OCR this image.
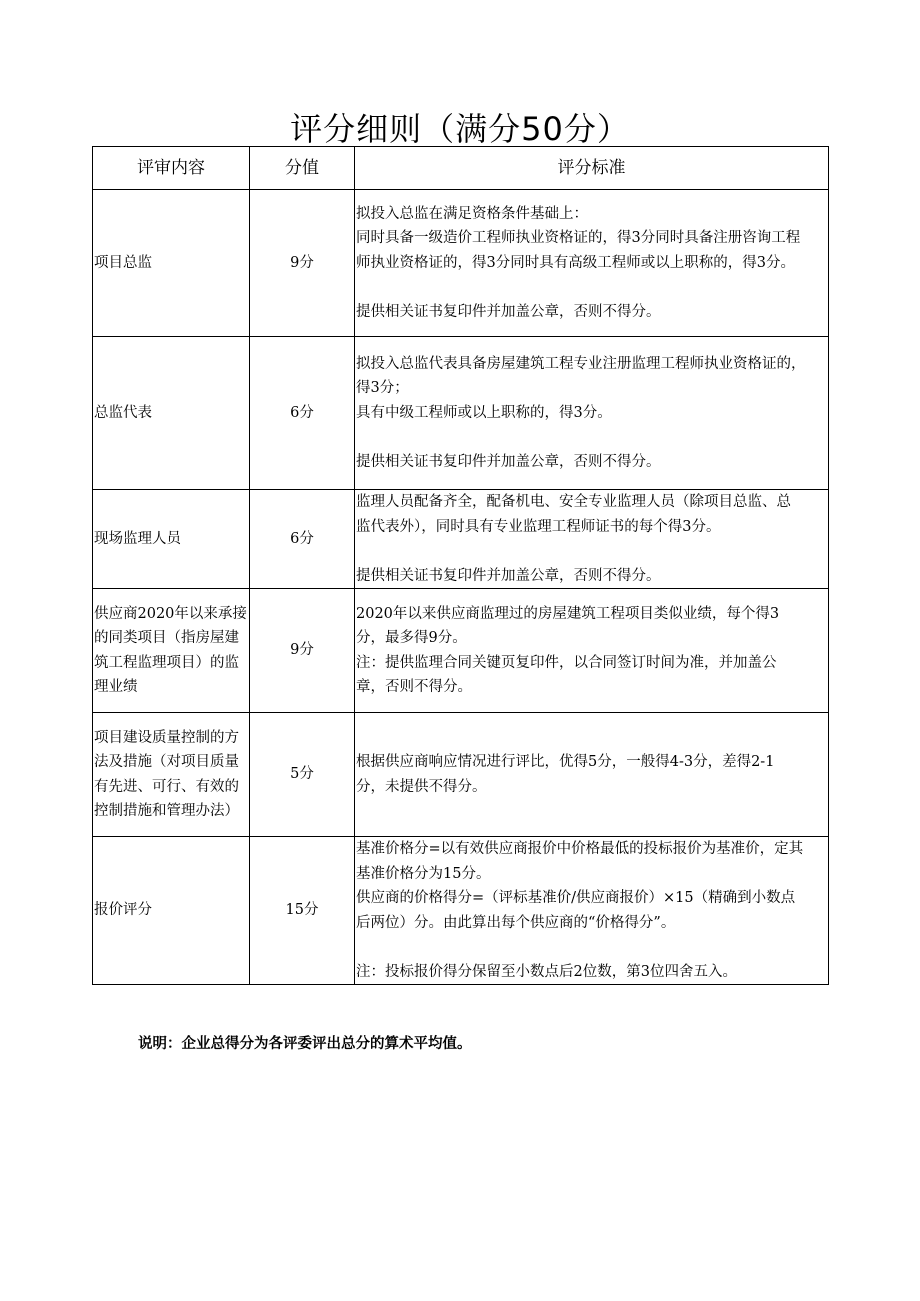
评分细则（满分50分）
评审内容	分值	评分标准
项目总监	9分	拟投入总监在满足资格条件基础上：
同时具备一级造价工程师执业资格证的，得3分同时具备注册咨询工程
师执业资格证的，得3分同时具有高级工程师或以上职称的，得3分。
提供相关证书复印件并加盖公章，否则不得分。

总监代表	6分	拟投入总监代表具备房屋建筑工程专业注册监理工程师执业资格证的，
得3分；
具有中级工程师或以上职称的，得3分。
提供相关证书复印件并加盖公章，否则不得分。

现场监理人员	6分	监理人员配备齐全，配备机电、安全专业监理人员（除项目总监、总
监代表外），同时具有专业监理工程师证书的每个得3分。
提供相关证书复印件并加盖公章，否则不得分。

供应商2020年以来承接的同类项目（指房屋建筑工程监理项目）的监理业绩	9分	2020年以来供应商监理过的房屋建筑工程项目类似业绩，每个得3
分，最多得9分。
注：提供监理合同关键页复印件，以合同签订时间为准，并加盖公
章，否则不得分。

项目建设质量控制的方法及措施（对项目质量有先进、可行、有效的控制措施和管理办法）	5分	根据供应商响应情况进行评比，优得5分，一般得4-3分，差得2-1
分，未提供不得分。

报价评分	15分	基准价格分=以有效供应商报价中价格最低的投标报价为基准价，定其
基准价格分为15分。
供应商的价格得分=（评标基准价/供应商报价）×15（精确到小数点
后两位）分。由此算出每个供应商的“价格得分”。
注：投标报价得分保留至小数点后2位数，第3位四舍五入。
说明：企业总得分为各评委评出总分的算术平均值。
